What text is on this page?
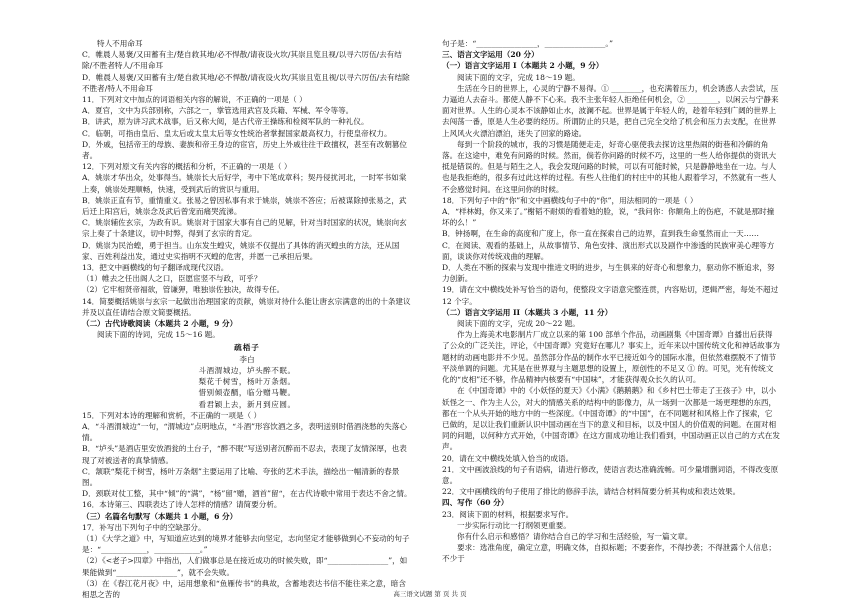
特人不用命耳

C．帷晨人易褒/又田蓄有主/楚自救其地/必不悍散/请夜设火坎/其崇且览且视/以寻六厉伍/去有结除/不胜者特人/不用命耳

D．帷晨人易褒/又田蓄有主/楚自救其地/必不悍散/请夜设火坎/其崇且览且视/以寻六厉伍/去有结除不胜者/特人不用命耳

11．下列对文中加点的词语相关内容的解说，不正确的一项是（ ）

A．夏官，文中为兵部别称，六部之一，掌管选用武官及兵籍、军械、军令等等。

B．讲武，原为讲习武术战事，后又称大阅，是古代帝王操练和检阅军队的一种礼仪。

C．临朝，可指由皇后、皇太后或太皇太后等女性统治者掌握国家最高权力，行使皇帝权力。

D．外戚，包括帝王的母族、妻族和帝王身边的宦官，历史上外戚往往干政擅权，甚至有改朝篡位者。

12．下列对原文有关内容的概括和分析，不正确的一项是（ ）

A．姚崇才华出众，处事得当。姚崇长大后好学，考中下笔成章科；契丹侵扰河北，一时军书如棠上奏，姚崇处理顺畅，快速，受到武后的赏识与重用。

B．姚崇正直有节，重情重义。张易之曾因私事有求于姚崇，姚崇不答应；后被谋除掉张易之，武后迁上阳宫后，姚崇念及武后曾宠而痛哭流涕。

C．姚崇辅佐玄宗，为政有识。姚崇对于国家大事有自己的见解，针对当时国家的状况，姚崇向玄宗上奏了十条建议，切中时弊，得到了玄宗的肯定。

D．姚崇为民治蝗，勇于担当。山东发生蝗灾，姚崇不仅提出了具体的消灭蝗虫的方法，还从国家、百姓利益出发，通过史实指明不灭蝗的危害，并愿一己承担后果。

13．把文中画横线的句子翻译成现代汉语。

（1）帷去之任出阁人之口，臣愿宦竖不与政，可乎？

（2）它牢相贤帝福欲，管谦狎，唯独崇佐独决，故得专任。

14．简要概括姚崇与玄宗一起做出治理国家的贡献，姚崇对待什么能让唐玄宗满意的出的十条建议并及以直任请结合原文简要概括。

（二）古代诗歌阅读（本题共 2 小题，9 分）

阅读下面的诗词，完成 15～16 题。

疏梧子

李白

斗酒渭城边，垆头醉不眠。

梨花千树雪，杨叶万条烟。

惜别倾壶醑，临分赠马鞭。

看君颖上去，新月到应圆。

15．下列对本诗的理解和赏析，不正确的一项是（ ）

A．“斗酒渭城边”一句，“渭城边”点明地点，“斗酒”形容饮酒之多，表明送别时借酒浇愁的失落心情。

B．“垆头”是酒店里安放酒瓮的土台子，“醉不眠”写送别者沉醉而不忍去，表现了友情深厚，也表现了对被送者的真挚情感。

C．颔联“梨花千树雪，杨叶万条烟”主要运用了比喻、夸张的艺术手法，描绘出一幅清新的春景图。

D．颈联对仗工整，其中“倾”的“满”，“杨”留“赠，酒首”留“，在古代诗歌中常用于表达不舍之情。

16．本诗第三、四联表达了诗人怎样的情感？请简要分析。

（三）名篇名句默写（本题共 1 小题，6 分）

17．补写出下列句子中的空缺部分。

（1）《大学之道》中，写知道应达到的境界才能够去向坚定，志向坚定才能够做到心不妄动的句子是：“____________，____________。”

（2）《<老子>四章》中指出，人们做事总是在接近成功的时候失败，即“________________”，如果能做到“________________”，就不会失败。

（3）在《春江花月夜》中，运用想象和“鱼雁传书”的典故，含蓄地表达书信不能往来之意，暗含相思之苦的

句子是：“________________，________________。”

三、语言文字运用（20 分）

（一）语言文字运用 I（本题共 2 小题，9 分）

阅读下面的文字，完成 18～19 题。

生活在今日的世界上，心灵的宁静不易得。① ________，也充满着压力，机会诱惑人去尝试，压力逼迫人去奋斗。都使人静不下心来。我不主张年轻人拒绝任何机会，② ________，以闲云与宁静来面对世界。人生的心灵本不该静如止水，波澜不起。世界是属于年轻人的，趁着年轻到广阔的世界上去闯荡一番，原是人生必要的经历。所谓防止的只是，把自己完全交给了机会和压力去支配，在世界上风风火火漂泊漂泊，迷失了回家的路途。

每到一个阶段的城市，我的习惯是随便走走，好奇心驱使我去探访这里热闹的街巷和冷僻的角落。在这途中，难免有问路的时候。然而，倘若你问路的时候不巧，这里的一些人给你提供的资讯大抵是错误的。但是与陌生之人，我会发现问路的时候，可以有可能时候，只是静静地坐在一边。与人也是我拒绝的，很多有过此这样的过程。有些人往他们的村庄中的其他人跟着学习，不然就有一些人不会感觉时间。在这里问你的时候。

18．下列句子中的“你”和文中画横线句子中的“你”，用法相同的一项是（ ）

A．“样林姆，你又来了。”榭韬不耐烦的看着她的脸，说，“我问你：你額角上的伤疤，不就是那时撞坏的么！”

B．钟扬啊，在生命的高度和广度上，你一直在探索自己的边界，直到我生命戛然而止一天……

C．在阅读、观看的基础上，从故事情节、角色安排、演出形式以及剧作中渗透的民族审美心理等方面，谈谈你对传统戏曲的理解。

D．人类在不断的探索与发现中推进文明的进步，与生俱来的好奇心和想象力，驱动你不断追求，努力创新。

19．请在文中横线处补写恰当的语句，使整段文字语意完整连贯，内容贴切，逻辑严密，每处不超过 12 个字。

（二）语言文字运用 II（本题共 3 小题，11 分）

阅读下面的文字，完成 20～22 题。

作为上海美术电影制片厂成立以来的第 100 部单个作品，动画剧集《中国奇谭》自播出后获得了公众的广泛关注，评论，《中国奇谭》究竟好在哪儿？事实上，近年来以中国传统文化和神话故事为题材的动画电影并不少见。虽然部分作品的制作水平已接近如今的国际水准，但依然难摆脱不了情节平淡单调的问题。尤其是在世界观与主题思想的设置上，原创性的不足又 ① 的。可见，光有传统文化的“皮相”还不够，作品精神内核要有“中国味”，才能获得观众长久的认可。

在《中国奇谭》中的《小妖怪的夏天》《小满》《鹅鹅鹅》和《乡村巴士带走了王孩子》中，以小妖怪之一、作为主人公，对大的情感关系的结构中的影像力，从一场到一次都是一场更理想的东西，都在一个从头开始的地方中的一些深度。《中国奇谭》的“中国”，在不同题材和风格上作了探索，它已做的，足以让我们重新认识中国动画在当下的意义和目标，以及中国人的价值观的问题。在面对相同的问题，以何种方式开始，《中国奇谭》在这方面成功地让我们看到，中国动画正以自己的方式在发声。

20．请在文中横线处填入恰当的成语。

21．文中画波浪线的句子有语病，请进行修改，使语言表达准确流畅。可少量增删词语，不得改变原意。

22．文中画横线的句子使用了排比的修辞手法，请结合材料简要分析其构成和表达效果。

四、写作（60 分）

23．阅读下面的材料，根据要求写作。

一步实际行动比一打纲领更重要。

你有什么启示和感悟？请你结合自己的学习和生活经验，写一篇文章。

要求：选准角度，确定立意，明确文体，自拟标题；不要套作，不得抄袭；不得泄露个人信息；不少于

高三语文试题 第 页 共 页
